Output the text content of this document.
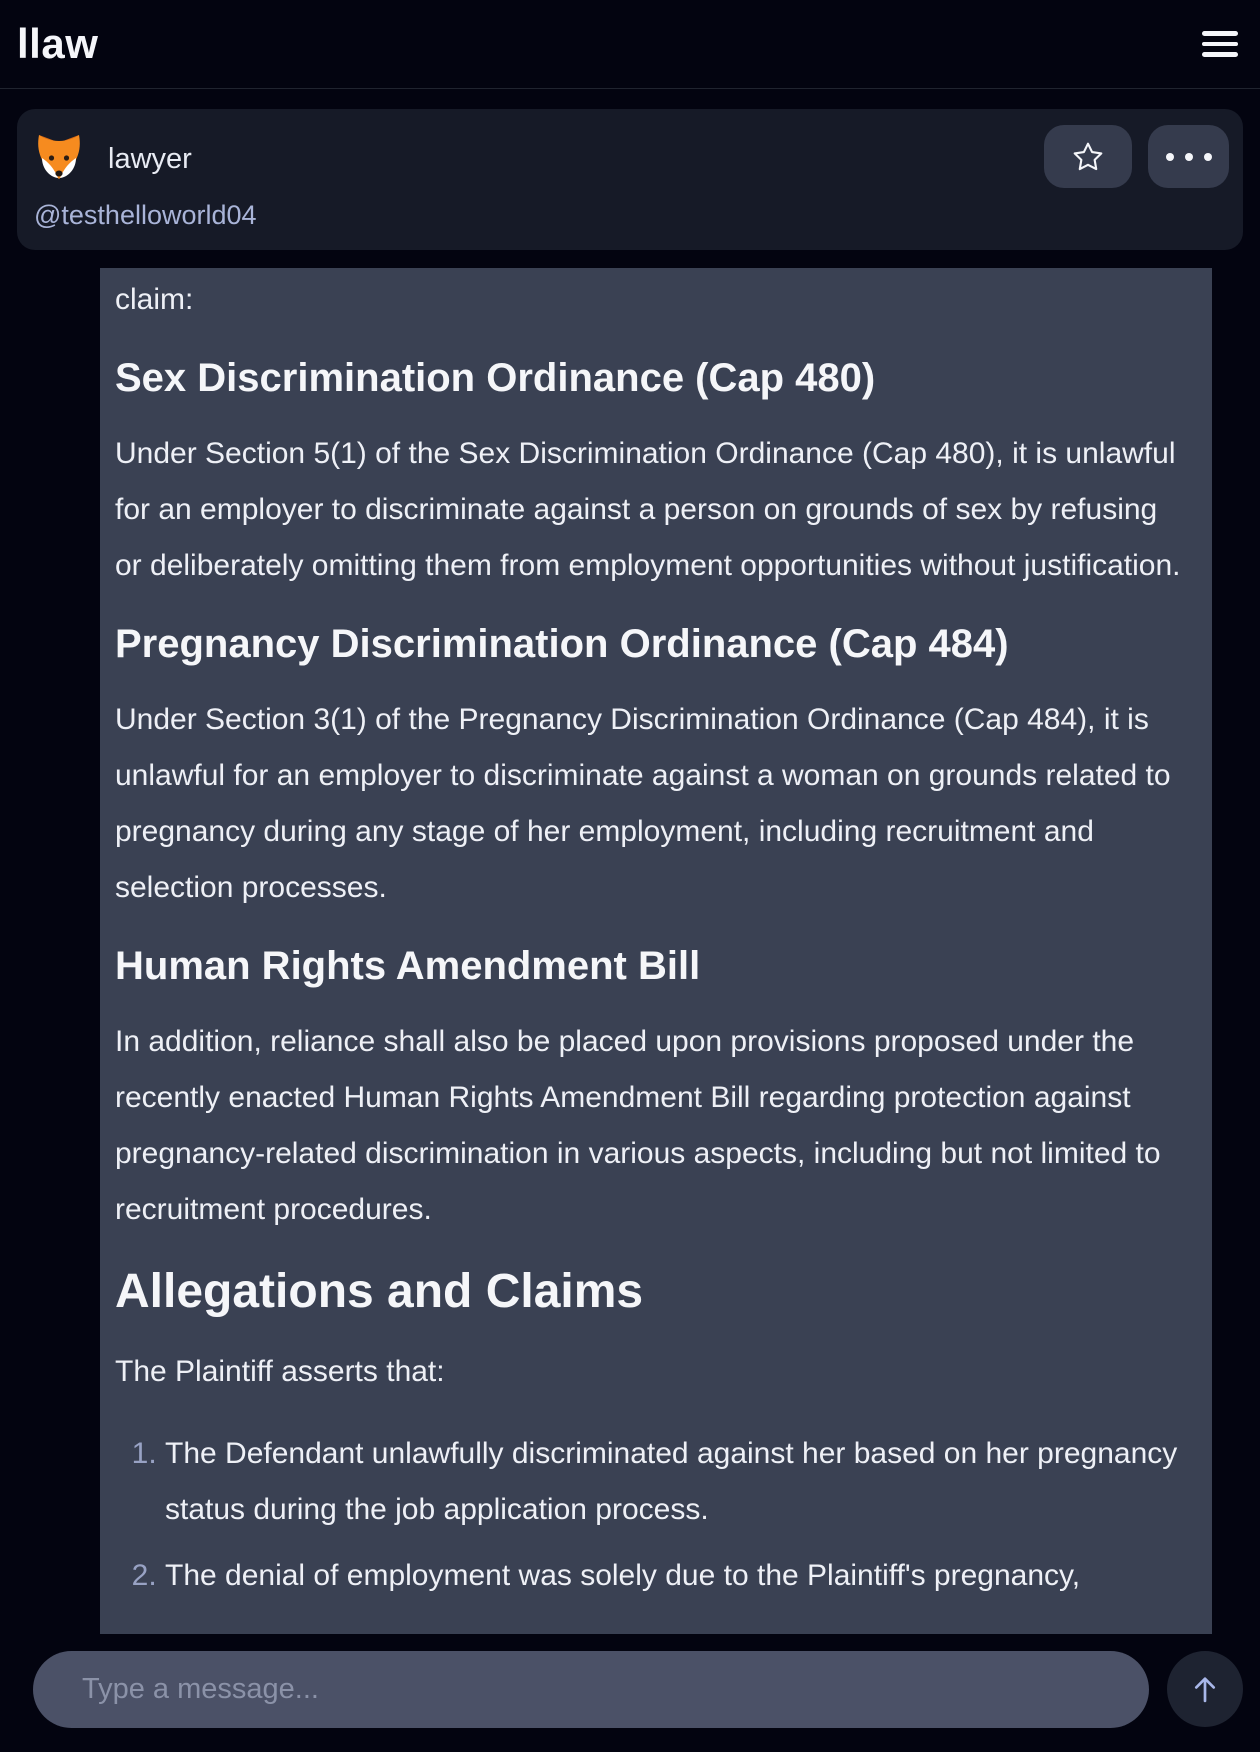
llaw
lawyer
@testhelloworld04

claim:

Sex Discrimination Ordinance (Cap 480)

Under Section 5(1) of the Sex Discrimination Ordinance (Cap 480), it is unlawful for an employer to discriminate against a person on grounds of sex by refusing or deliberately omitting them from employment opportunities without justification.

Pregnancy Discrimination Ordinance (Cap 484)

Under Section 3(1) of the Pregnancy Discrimination Ordinance (Cap 484), it is unlawful for an employer to discriminate against a woman on grounds related to pregnancy during any stage of her employment, including recruitment and selection processes.

Human Rights Amendment Bill

In addition, reliance shall also be placed upon provisions proposed under the recently enacted Human Rights Amendment Bill regarding protection against pregnancy-related discrimination in various aspects, including but not limited to recruitment procedures.

Allegations and Claims

The Plaintiff asserts that:

1. The Defendant unlawfully discriminated against her based on her pregnancy status during the job application process.
2. The denial of employment was solely due to the Plaintiff's pregnancy,
Type a message...
